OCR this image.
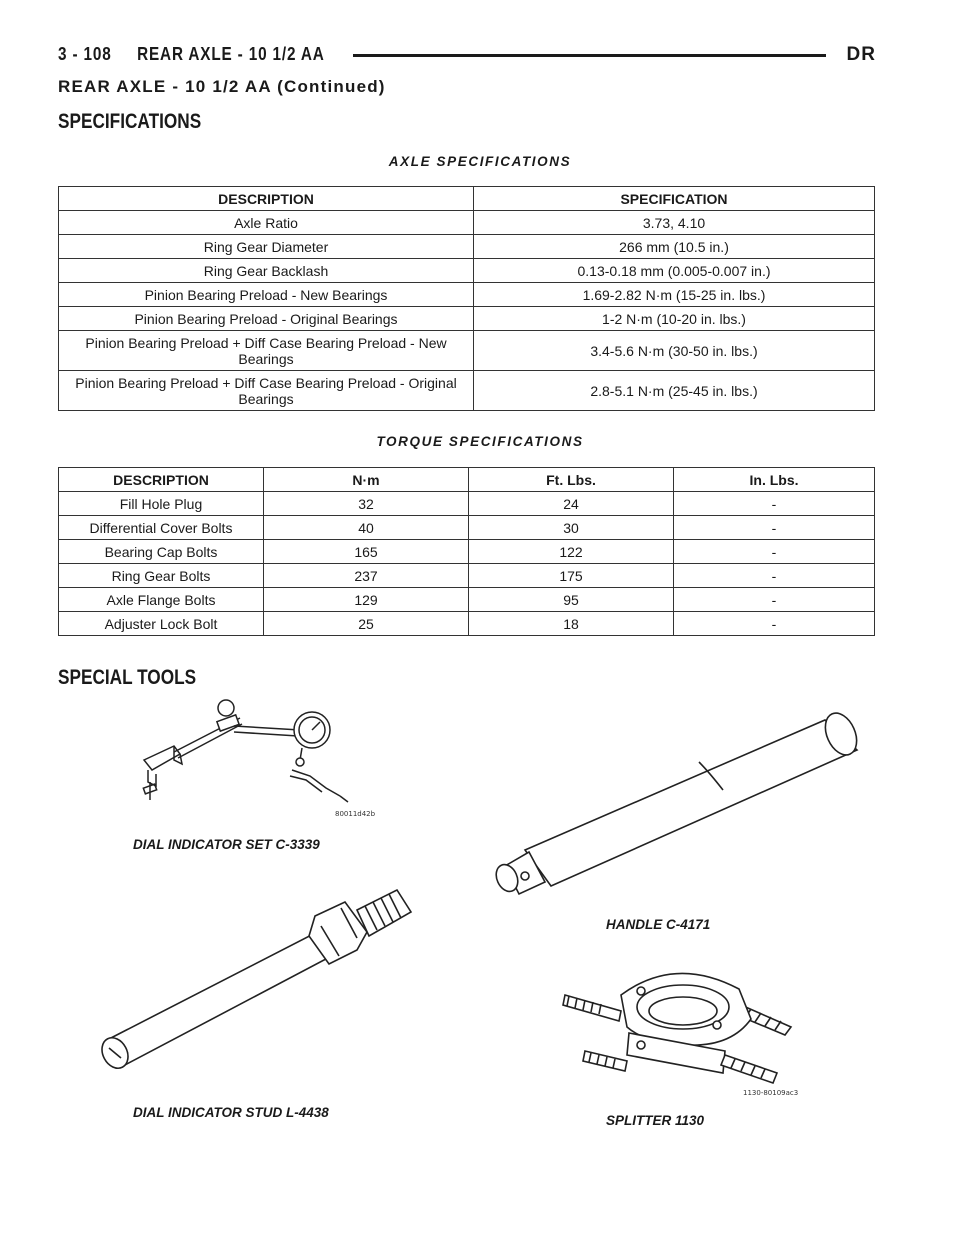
3 - 108     REAR AXLE - 10 1/2 AA	DR
REAR AXLE - 10 1/2 AA (Continued)
SPECIFICATIONS
AXLE SPECIFICATIONS
DESCRIPTION	SPECIFICATION
Axle Ratio	3.73, 4.10
Ring Gear Diameter	266 mm (10.5 in.)
Ring Gear Backlash	0.13-0.18 mm (0.005-0.007 in.)
Pinion Bearing Preload - New Bearings	1.69-2.82 N·m (15-25 in. lbs.)
Pinion Bearing Preload - Original Bearings	1-2 N·m (10-20 in. lbs.)
Pinion Bearing Preload + Diff Case Bearing Preload - New Bearings	3.4-5.6 N·m (30-50 in. lbs.)
Pinion Bearing Preload + Diff Case Bearing Preload - Original Bearings	2.8-5.1 N·m (25-45 in. lbs.)
TORQUE SPECIFICATIONS
DESCRIPTION	N·m	Ft. Lbs.	In. Lbs.
Fill Hole Plug	32	24	-
Differential Cover Bolts	40	30	-
Bearing Cap Bolts	165	122	-
Ring Gear Bolts	237	175	-
Axle Flange Bolts	129	95	-
Adjuster Lock Bolt	25	18	-
SPECIAL TOOLS
80011d42b
DIAL INDICATOR SET C-3339
HANDLE C-4171
DIAL INDICATOR STUD L-4438
1130-80109ac3
SPLITTER 1130
